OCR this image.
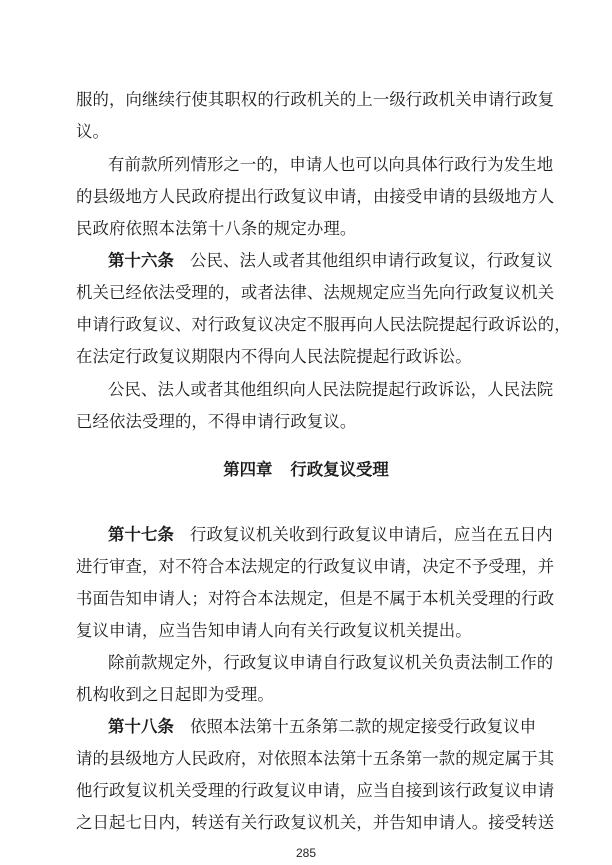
服的，向继续行使其职权的行政机关的上一级行政机关申请行政复
议。
有前款所列情形之一的，申请人也可以向具体行政行为发生地
的县级地方人民政府提出行政复议申请，由接受申请的县级地方人
民政府依照本法第十八条的规定办理。
第十六条 公民、法人或者其他组织申请行政复议，行政复议
机关已经依法受理的，或者法律、法规规定应当先向行政复议机关
申请行政复议、对行政复议决定不服再向人民法院提起行政诉讼的，
在法定行政复议期限内不得向人民法院提起行政诉讼。
公民、法人或者其他组织向人民法院提起行政诉讼，人民法院
已经依法受理的，不得申请行政复议。
第四章 行政复议受理
第十七条 行政复议机关收到行政复议申请后，应当在五日内
进行审查，对不符合本法规定的行政复议申请，决定不予受理，并
书面告知申请人；对符合本法规定，但是不属于本机关受理的行政
复议申请，应当告知申请人向有关行政复议机关提出。
除前款规定外，行政复议申请自行政复议机关负责法制工作的
机构收到之日起即为受理。
第十八条 依照本法第十五条第二款的规定接受行政复议申
请的县级地方人民政府，对依照本法第十五条第一款的规定属于其
他行政复议机关受理的行政复议申请，应当自接到该行政复议申请
之日起七日内，转送有关行政复议机关，并告知申请人。接受转送
285
